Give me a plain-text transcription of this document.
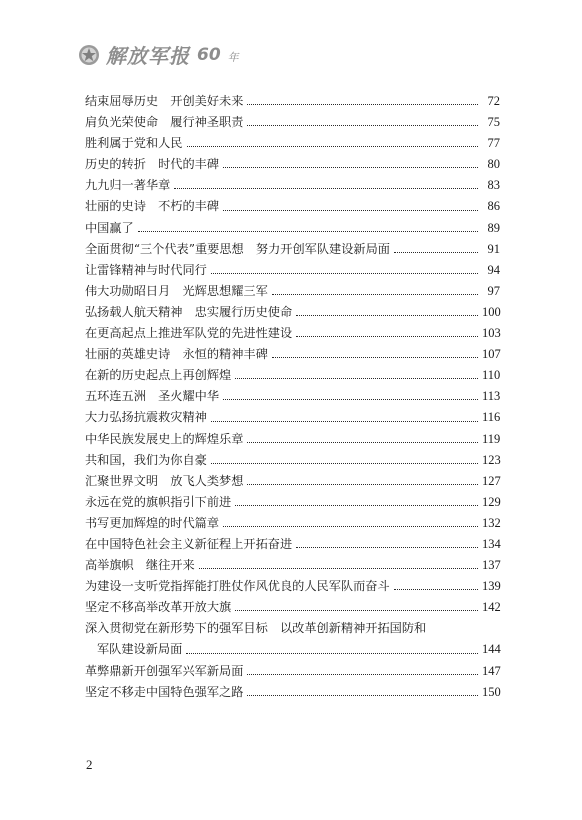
解放军报 60 年
结束屈辱历史　开创美好未来	72
肩负光荣使命　履行神圣职责	75
胜利属于党和人民	77
历史的转折　时代的丰碑	80
九九归一著华章	83
壮丽的史诗　不朽的丰碑	86
中国赢了	89
全面贯彻“三个代表”重要思想　努力开创军队建设新局面	91
让雷锋精神与时代同行	94
伟大功勋昭日月　光辉思想耀三军	97
弘扬载人航天精神　忠实履行历史使命	100
在更高起点上推进军队党的先进性建设	103
壮丽的英雄史诗　永恒的精神丰碑	107
在新的历史起点上再创辉煌	110
五环连五洲　圣火耀中华	113
大力弘扬抗震救灾精神	116
中华民族发展史上的辉煌乐章	119
共和国，我们为你自豪	123
汇聚世界文明　放飞人类梦想	127
永远在党的旗帜指引下前进	129
书写更加辉煌的时代篇章	132
在中国特色社会主义新征程上开拓奋进	134
高举旗帜　继往开来	137
为建设一支听党指挥能打胜仗作风优良的人民军队而奋斗	139
坚定不移高举改革开放大旗	142
深入贯彻党在新形势下的强军目标　以改革创新精神开拓国防和
军队建设新局面	144
革弊鼎新开创强军兴军新局面	147
坚定不移走中国特色强军之路	150
2
